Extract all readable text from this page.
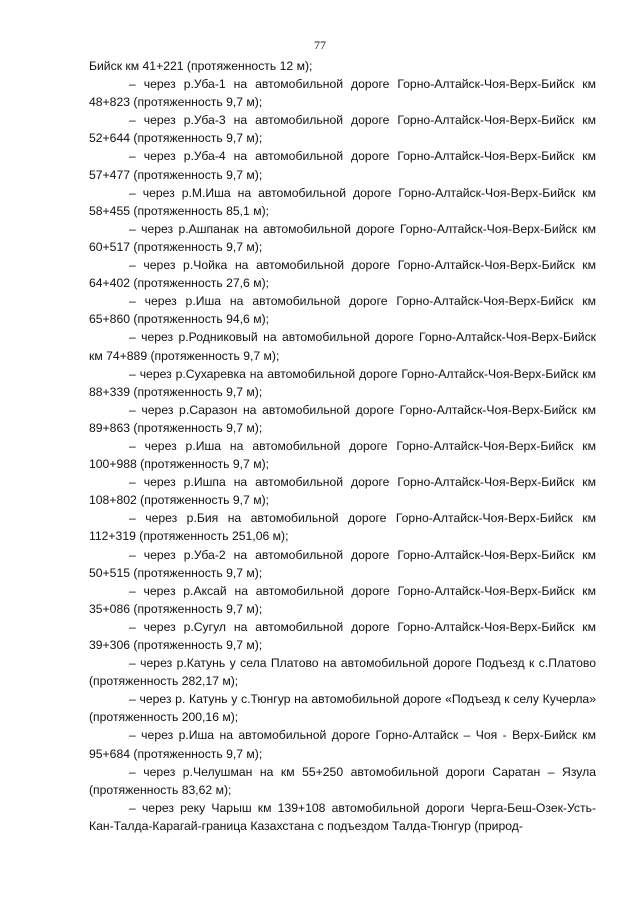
77

Бийск км 41+221 (протяженность 12 м);

– через р.Уба-1 на автомобильной дороге Горно-Алтайск-Чоя-Верх-Бийск км 48+823 (протяженность 9,7 м);

– через р.Уба-3 на автомобильной дороге Горно-Алтайск-Чоя-Верх-Бийск км 52+644 (протяженность 9,7 м);

– через р.Уба-4 на автомобильной дороге Горно-Алтайск-Чоя-Верх-Бийск км 57+477 (протяженность 9,7 м);

– через р.М.Иша на автомобильной дороге Горно-Алтайск-Чоя-Верх-Бийск км 58+455 (протяженность 85,1 м);

– через р.Ашпанак на автомобильной дороге Горно-Алтайск-Чоя-Верх-Бийск км 60+517 (протяженность 9,7 м);

– через р.Чойка на автомобильной дороге Горно-Алтайск-Чоя-Верх-Бийск км 64+402 (протяженность 27,6 м);

– через р.Иша на автомобильной дороге Горно-Алтайск-Чоя-Верх-Бийск км 65+860 (протяженность 94,6 м);

– через р.Родниковый на автомобильной дороге Горно-Алтайск-Чоя-Верх-Бийск км 74+889 (протяженность 9,7 м);

– через р.Сухаревка на автомобильной дороге Горно-Алтайск-Чоя-Верх-Бийск км 88+339 (протяженность 9,7 м);

– через р.Саразон на автомобильной дороге Горно-Алтайск-Чоя-Верх-Бийск км 89+863 (протяженность 9,7 м);

– через р.Иша на автомобильной дороге Горно-Алтайск-Чоя-Верх-Бийск км 100+988 (протяженность 9,7 м);

– через р.Ишпа на автомобильной дороге Горно-Алтайск-Чоя-Верх-Бийск км 108+802 (протяженность 9,7 м);

– через р.Бия на автомобильной дороге Горно-Алтайск-Чоя-Верх-Бийск км 112+319 (протяженность 251,06 м);

– через р.Уба-2 на автомобильной дороге Горно-Алтайск-Чоя-Верх-Бийск км 50+515 (протяженность 9,7 м);

– через р.Аксай на автомобильной дороге Горно-Алтайск-Чоя-Верх-Бийск км 35+086 (протяженность 9,7 м);

– через р.Сугул на автомобильной дороге Горно-Алтайск-Чоя-Верх-Бийск км 39+306 (протяженность 9,7 м);

– через р.Катунь у села Платово на автомобильной дороге Подъезд к с.Платово (протяженность 282,17 м);

– через р. Катунь у с.Тюнгур на автомобильной дороге «Подъезд к селу Кучерла» (протяженность 200,16 м);

– через р.Иша на автомобильной дороге Горно-Алтайск – Чоя - Верх-Бийск км 95+684 (протяженность 9,7 м);

– через р.Челушман на км 55+250 автомобильной дороги Саратан – Язула (протяженность 83,62 м);

– через реку Чарыш км 139+108 автомобильной дороги Черга-Беш-Озек-Усть-Кан-Талда-Карагай-граница Казахстана с подъездом Талда-Тюнгур (природ-
